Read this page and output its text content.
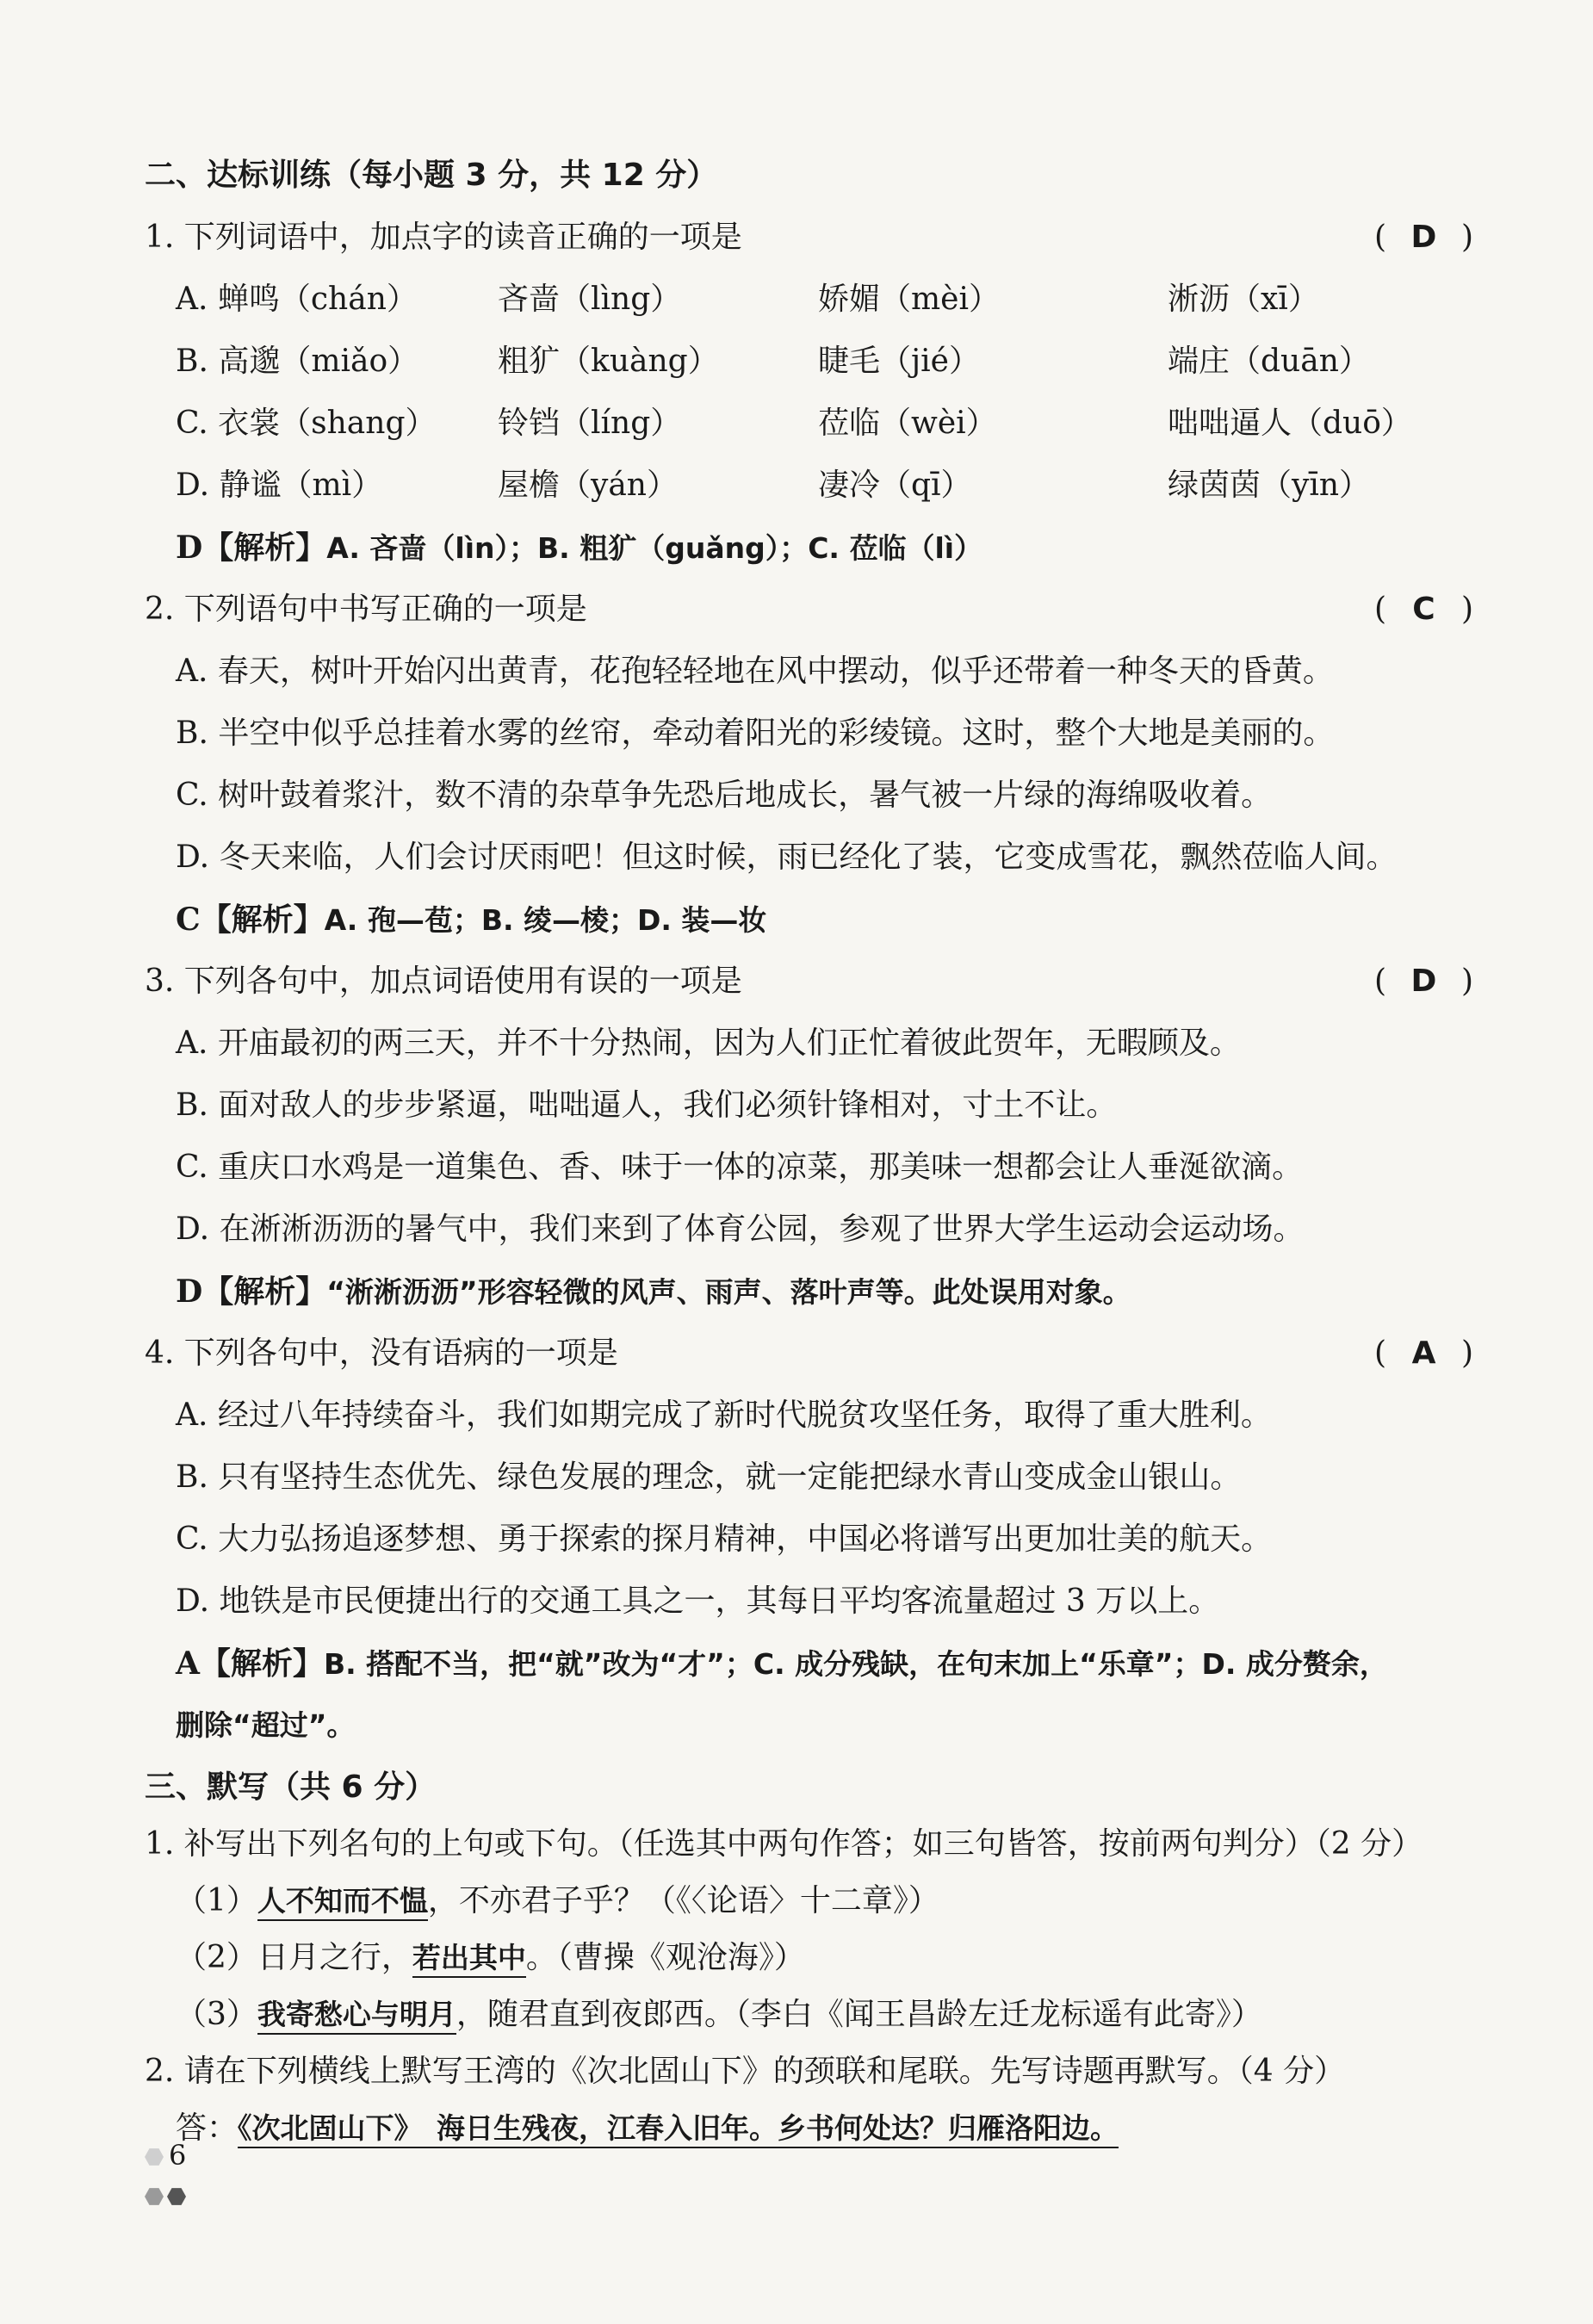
二、达标训练（每小题 3 分，共 12 分）
1. 下列词语中，加点字的读音正确的一项是	( D )
A. 蝉鸣（chán）	吝啬（lìng）	娇媚（mèi）	淅沥（xī）
B. 高邈（miǎo）	粗犷（kuàng）	睫毛（jié）	端庄（duān）
C. 衣裳（shang） 铃铛（líng）	莅临（wèi）	咄咄逼人（duō）
D. 静谧（mì）	屋檐（yán）	凄冷（qī）	绿茵茵（yīn）
D【解析】A. 吝啬（lìn）；B. 粗犷（guǎng）；C. 莅临（lì）
2. 下列语句中书写正确的一项是	( C )
A. 春天，树叶开始闪出黄青，花孢轻轻地在风中摆动，似乎还带着一种冬天的昏黄。
B. 半空中似乎总挂着水雾的丝帘，牵动着阳光的彩绫镜。这时，整个大地是美丽的。
C. 树叶鼓着浆汁，数不清的杂草争先恐后地成长，暑气被一片绿的海绵吸收着。
D. 冬天来临，人们会讨厌雨吧！但这时候，雨已经化了装，它变成雪花，飘然莅临人间。
C【解析】A. 孢—苞；B. 绫—棱；D. 装—妆
3. 下列各句中，加点词语使用有误的一项是	( D )
A. 开庙最初的两三天，并不十分热闹，因为人们正忙着彼此贺年，无暇顾及。
B. 面对敌人的步步紧逼，咄咄逼人，我们必须针锋相对，寸土不让。
C. 重庆口水鸡是一道集色、香、味于一体的凉菜，那美味一想都会让人垂涎欲滴。
D. 在淅淅沥沥的暑气中，我们来到了体育公园，参观了世界大学生运动会运动场。
D【解析】“淅淅沥沥”形容轻微的风声、雨声、落叶声等。此处误用对象。
4. 下列各句中，没有语病的一项是	( A )
A. 经过八年持续奋斗，我们如期完成了新时代脱贫攻坚任务，取得了重大胜利。
B. 只有坚持生态优先、绿色发展的理念，就一定能把绿水青山变成金山银山。
C. 大力弘扬追逐梦想、勇于探索的探月精神，中国必将谱写出更加壮美的航天。
D. 地铁是市民便捷出行的交通工具之一，其每日平均客流量超过 3 万以上。
A【解析】B. 搭配不当，把“就”改为“才”；C. 成分残缺，在句末加上“乐章”；D. 成分赘余，
删除“超过”。
三、默写（共 6 分）
1. 补写出下列名句的上句或下句。（任选其中两句作答；如三句皆答，按前两句判分）（2 分）
（1）人不知而不愠，不亦君子乎？（《〈论语〉十二章》）
（2）日月之行，若出其中。（曹操《观沧海》）
（3）我寄愁心与明月，随君直到夜郎西。（李白《闻王昌龄左迁龙标遥有此寄》）
2. 请在下列横线上默写王湾的《次北固山下》的颈联和尾联。先写诗题再默写。（4 分）
答：《次北固山下》　海日生残夜，江春入旧年。乡书何处达？归雁洛阳边。
6
